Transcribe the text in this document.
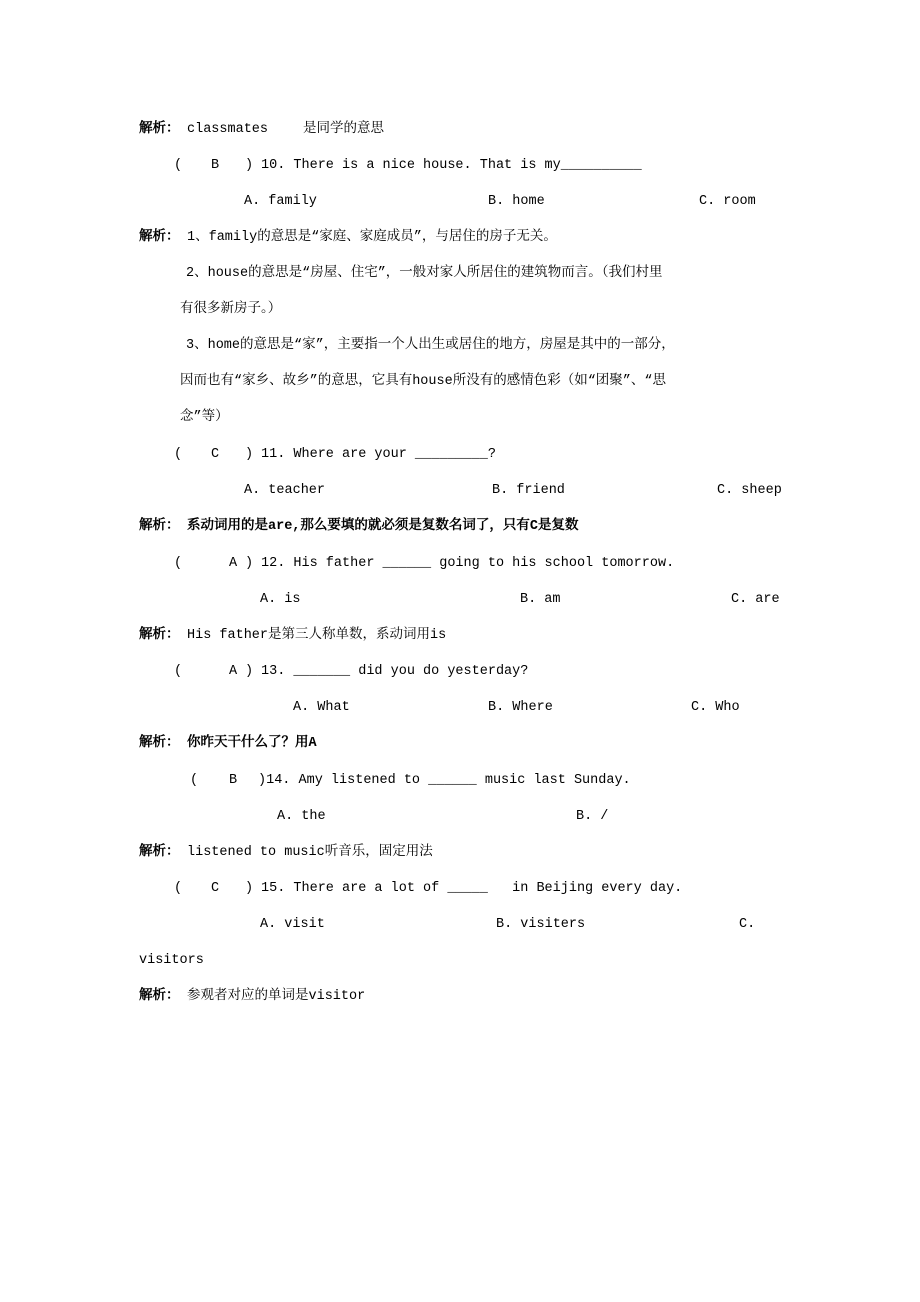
解析：

classmates

	是同学的意思

(

B

)

10. There is a nice house. That is my__________

A. family

	B. home

	C. room

解析：

1、family的意思是“家庭、家庭成员”，与居住的房子无关。

2、house的意思是“房屋、住宅”，一般对家人所居住的建筑物而言。（我们村里
有很多新房子。）
3、home的意思是“家”，主要指一个人出生或居住的地方，房屋是其中的一部分，
因而也有“家乡、故乡”的意思，它具有house所没有的感情色彩（如“团聚”、“思
念”等）

(

C

)

11. Where are your _________?

A. teacher

	B. friend

	C. sheep

解析：

系动词用的是are,那么要填的就必须是复数名词了，只有C是复数

(

	A

)

12. His father ______ going to his school tomorrow.

A. is

	B. am

	C. are

解析：

His father是第三人称单数，系动词用is

(

	A

)

13. _______ did you do yesterday?

A. What

	B. Where

	C. Who

解析：

你昨天干什么了？用A

(

B

)14. Amy listened to ______ music last Sunday.

A. the

	B. /

解析：

listened to music听音乐，固定用法

(

C

)

15. There are a lot of _____   in Beijing every day.

A. visit

	B. visiters

	C.

visitors

解析：

参观者对应的单词是visitor
